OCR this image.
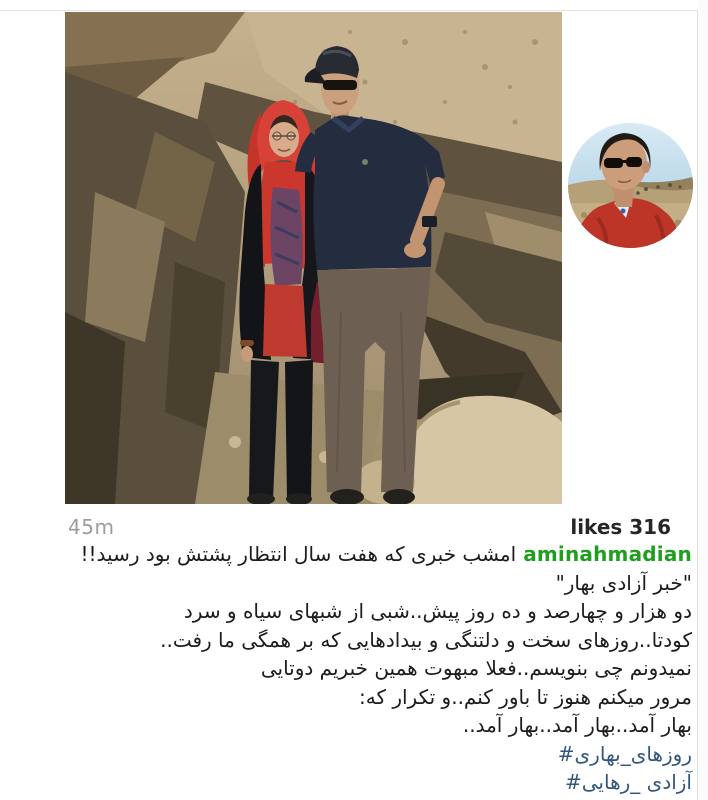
45m	likes 316
aminahmadianامشب خبری که هفت سال انتظار پشتش بود رسید!!
"خبر آزادی بهار"
دو هزار و چهارصد و ده روز پیش..شبی از شبهای سیاه و سرد
کودتا..روزهای سخت و دلتنگی و بیدادهایی که بر همگی ما رفت..
نمیدونم چی بنویسم..فعلا مبهوت همین خبریم دوتایی
مرور میکنم هنوز تا باور کنم..و تکرار که:
بهار آمد..بهار آمد..بهار آمد..
#روزهای_بهاری
#آزادی _رهایی
